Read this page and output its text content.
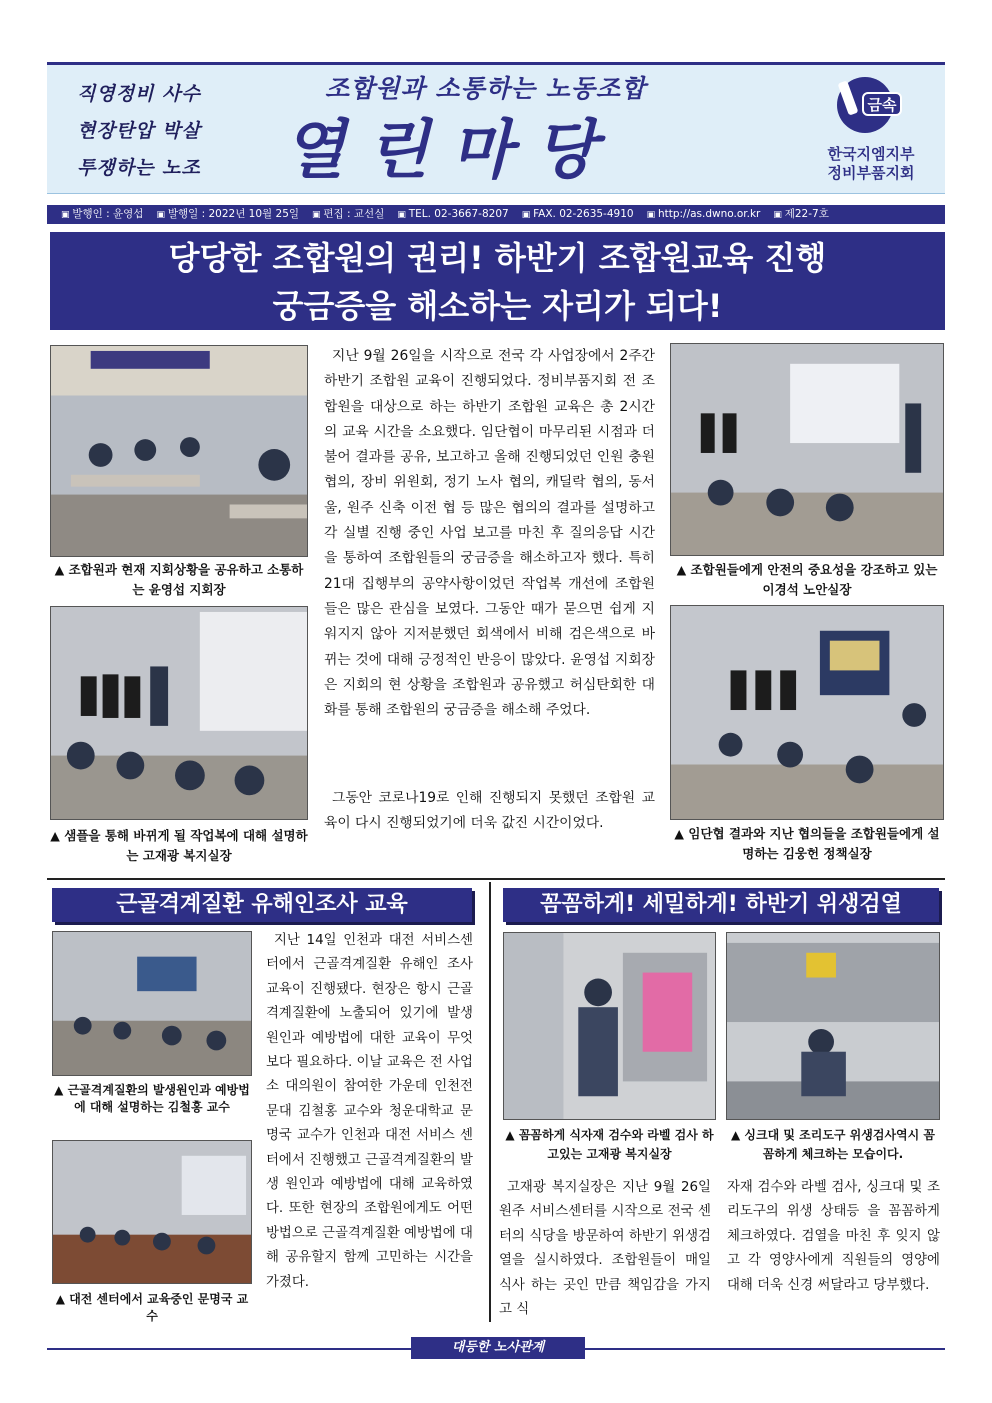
직영정비 사수
현장탄압 박살
투쟁하는 노조
조합원과 소통하는 노동조합
열린마당
금속
한국지엠지부
정비부품지회
▣ 발행인 : 윤영섭	▣ 발행일 : 2022년 10월 25일	▣ 편집 : 교선실	▣ TEL. 02-3667-8207	▣ FAX. 02-2635-4910	▣ http://as.dwno.or.kr	▣ 제22-7호
당당한 조합원의 권리! 하반기 조합원교육 진행
궁금증을 해소하는 자리가 되다!
▲ 조합원과 현재 지회상황을 공유하고 소통하는 윤영섭 지회장
▲ 샘플을 통해 바뀌게 될 작업복에 대해 설명하는 고재광 복지실장
지난 9월 26일을 시작으로 전국 각 사업장에서 2주간 하반기 조합원 교육이 진행되었다. 정비부품지회 전 조합원을 대상으로 하는 하반기 조합원 교육은 총 2시간의 교육 시간을 소요했다. 임단협이 마무리된 시점과 더불어 결과를 공유, 보고하고 올해 진행되었던 인원 충원 협의, 장비 위원회, 정기 노사 협의, 캐딜락 협의, 동서울, 원주 신축 이전 협 등 많은 협의의 결과를 설명하고 각 실별 진행 중인 사업 보고를 마친 후 질의응답 시간을 통하여 조합원들의 궁금증을 해소하고자 했다. 특히 21대 집행부의 공약사항이었던 작업복 개선에 조합원들은 많은 관심을 보였다. 그동안 때가 묻으면 쉽게 지워지지 않아 지저분했던 회색에서 비해 검은색으로 바뀌는 것에 대해 긍정적인 반응이 많았다. 윤영섭 지회장은 지회의 현 상황을 조합원과 공유했고 허심탄회한 대화를 통해 조합원의 궁금증을 해소해 주었다.
그동안 코로나19로 인해 진행되지 못했던 조합원 교육이 다시 진행되었기에 더욱 값진 시간이었다.
▲ 조합원들에게 안전의 중요성을 강조하고 있는 이경석 노안실장
▲ 임단협 결과와 지난 협의들을 조합원들에게 설명하는 김웅헌 정책실장
근골격계질환 유해인조사 교육
▲ 근골격계질환의 발생원인과 예방법에 대해 설명하는 김철홍 교수
▲ 대전 센터에서 교육중인 문명국 교수
지난 14일 인천과 대전 서비스센터에서 근골격계질환 유해인 조사 교육이 진행됐다. 현장은 항시 근골격계질환에 노출되어 있기에 발생 원인과 예방법에 대한 교육이 무엇보다 필요하다. 이날 교육은 전 사업소 대의원이 참여한 가운데 인천전문대 김철홍 교수와 청운대학교 문명국 교수가 인천과 대전 서비스 센터에서 진행했고 근골격계질환의 발생 원인과 예방법에 대해 교육하였다. 또한 현장의 조합원에게도 어떤 방법으로 근골격계질환 예방법에 대해 공유할지 함께 고민하는 시간을 가졌다.
꼼꼼하게! 세밀하게! 하반기 위생검열
▲ 꼼꼼하게 식자재 검수와 라벨 검사 하고있는 고재광 복지실장
▲ 싱크대 및 조리도구 위생검사역시 꼼꼼하게 체크하는 모습이다.
고재광 복지실장은 지난 9월 26일 원주 서비스센터를 시작으로 전국 센터의 식당을 방문하여 하반기 위생검열을 실시하였다. 조합원들이 매일 식사 하는 곳인 만큼 책임감을 가지고 식
자재 검수와 라벨 검사, 싱크대 및 조리도구의 위생 상태등 을 꼼꼼하게 체크하였다. 검열을 마친 후 잊지 않고 각 영양사에게 직원들의 영양에 대해 더욱 신경 써달라고 당부했다.
대등한 노사관계
